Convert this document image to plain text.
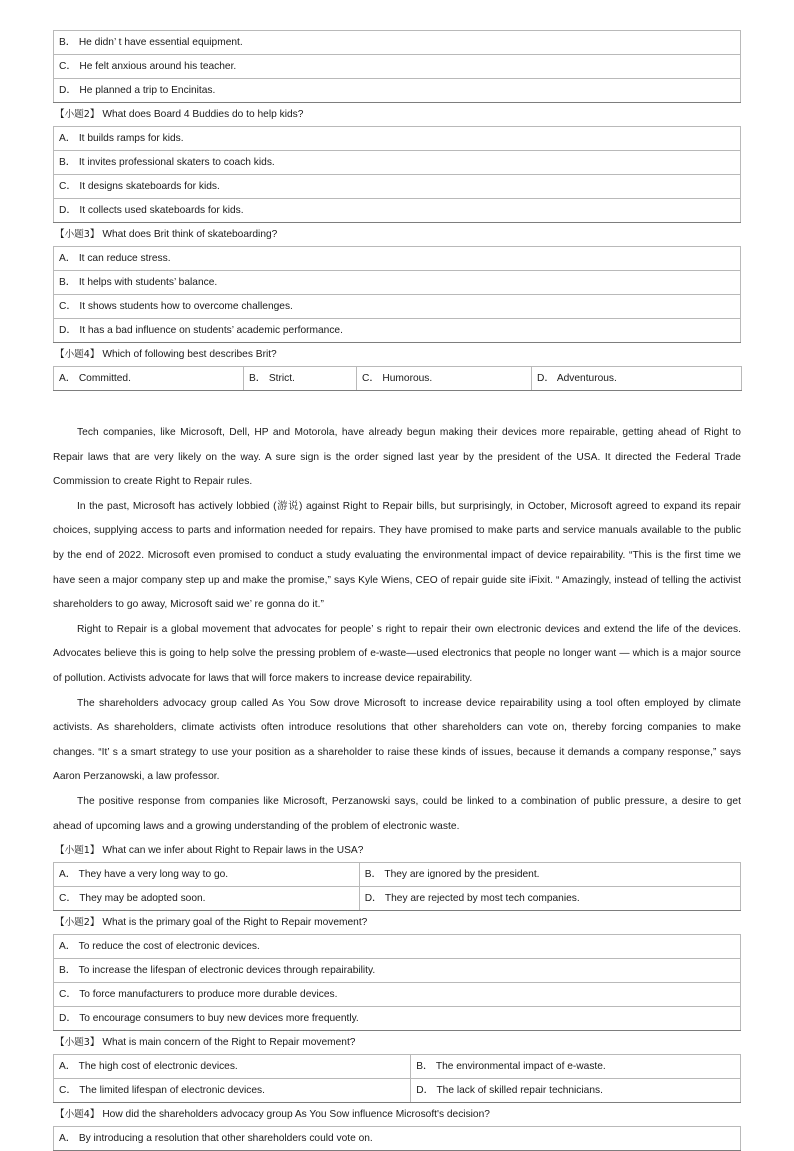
B． He didn’ t have essential equipment.
C． He felt anxious around his teacher.
D． He planned a trip to Encinitas.
【小题2】 What does Board 4 Buddies do to help kids?
A． It builds ramps for kids.
B． It invites professional skaters to coach kids.
C． It designs skateboards for kids.
D． It collects used skateboards for kids.
【小题3】 What does Brit think of skateboarding?
A． It can reduce stress.
B． It helps with students’ balance.
C． It shows students how to overcome challenges.
D． It has a bad influence on students’ academic performance.
【小题4】 Which of following best describes Brit?
A． Committed.	B． Strict.	C． Humorous.	D． Adventurous.

Tech companies, like Microsoft, Dell, HP and Motorola, have already begun making their devices more repairable, getting ahead of Right to Repair laws that are very likely on the way. A sure sign is the order signed last year by the president of the USA. It directed the Federal Trade Commission to create Right to Repair rules.

In the past, Microsoft has actively lobbied (游说) against Right to Repair bills, but surprisingly, in October, Microsoft agreed to expand its repair choices, supplying access to parts and information needed for repairs. They have promised to make parts and service manuals available to the public by the end of 2022. Microsoft even promised to conduct a study evaluating the environmental impact of device repairability. “This is the first time we have seen a major company step up and make the promise,” says Kyle Wiens, CEO of repair guide site iFixit. “ Amazingly, instead of telling the activist shareholders to go away, Microsoft said we’ re gonna do it.”

Right to Repair is a global movement that advocates for people’ s right to repair their own electronic devices and extend the life of the devices. Advocates believe this is going to help solve the pressing problem of e-waste—used electronics that people no longer want — which is a major source of pollution. Activists advocate for laws that will force makers to increase device repairability.

The shareholders advocacy group called As You Sow drove Microsoft to increase device repairability using a tool often employed by climate activists. As shareholders, climate activists often introduce resolutions that other shareholders can vote on, thereby forcing companies to make changes. “It’ s a smart strategy to use your position as a shareholder to raise these kinds of issues, because it demands a company response,” says Aaron Perzanowski, a law professor.

The positive response from companies like Microsoft, Perzanowski says, could be linked to a combination of public pressure, a desire to get ahead of upcoming laws and a growing understanding of the problem of electronic waste.

【小题1】 What can we infer about Right to Repair laws in the USA?
A． They have a very long way to go.	B． They are ignored by the president.
C． They may be adopted soon.	D． They are rejected by most tech companies.
【小题2】 What is the primary goal of the Right to Repair movement?
A． To reduce the cost of electronic devices.
B． To increase the lifespan of electronic devices through repairability.
C． To force manufacturers to produce more durable devices.
D． To encourage consumers to buy new devices more frequently.
【小题3】 What is main concern of the Right to Repair movement?
A． The high cost of electronic devices.	B． The environmental impact of e-waste.
C． The limited lifespan of electronic devices.	D． The lack of skilled repair technicians.
【小题4】 How did the shareholders advocacy group As You Sow influence Microsoft's decision?
A． By introducing a resolution that other shareholders could vote on.
